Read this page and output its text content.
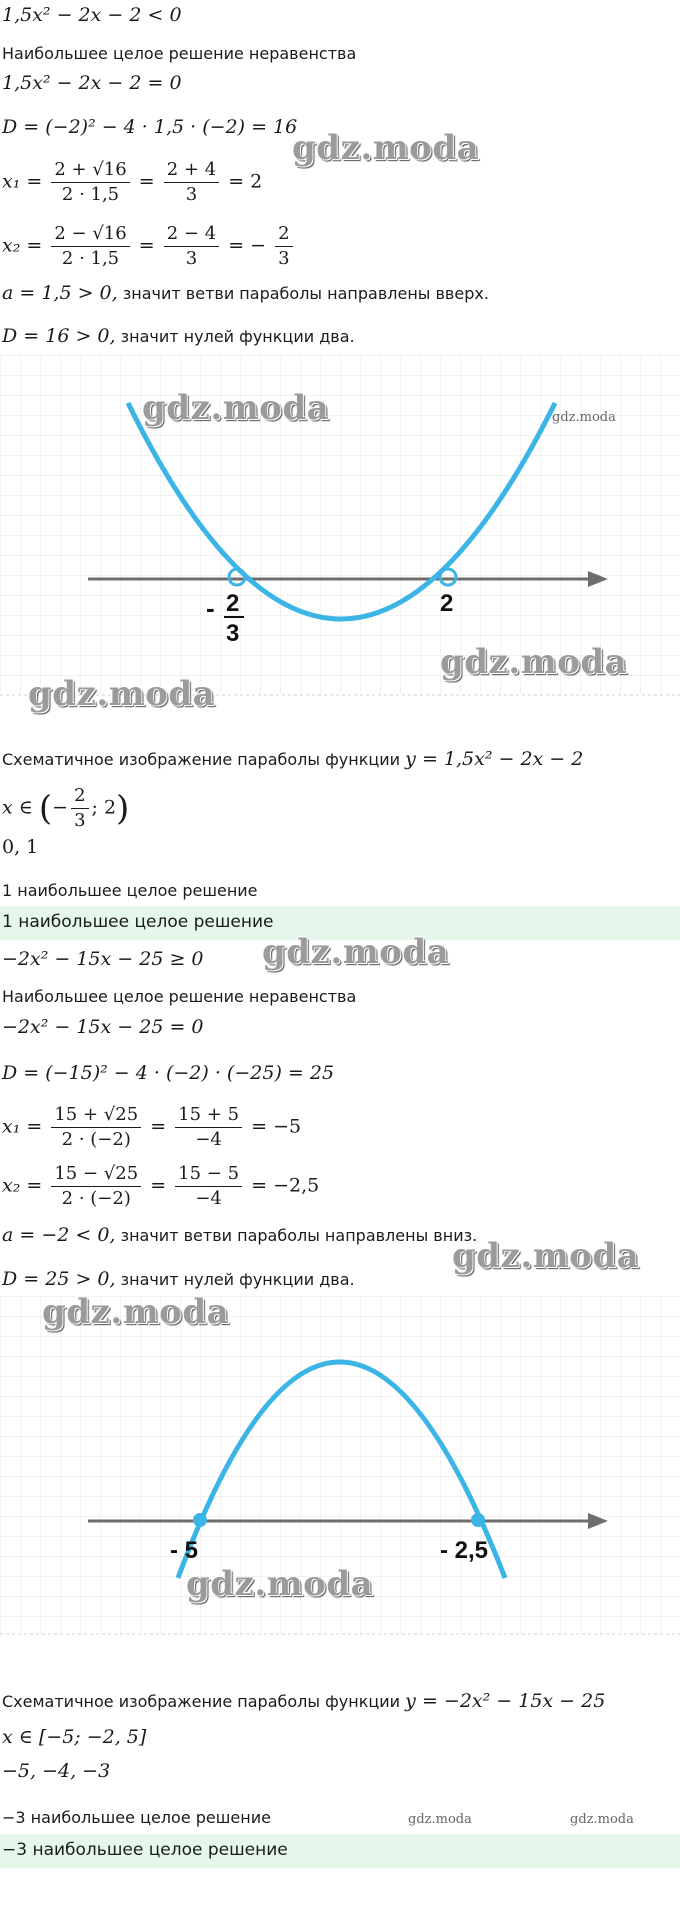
1,5x² − 2x − 2 < 0
Наибольшее целое решение неравенства
1,5x² − 2x − 2 = 0
D = (−2)² − 4 · 1,5 · (−2) = 16
$x_1 = \frac{2 + √16}{2 \cdot 1,5} = \frac{2 + 4}{3} = 2$
$x_2 = \frac{2 - √16}{2 \cdot 1,5} = \frac{2 - 4}{3}$ = − $\frac{2}{3}$
a = 1,5 > 0, значит ветви параболы направлены вверх.
D = 16 > 0, значит нулей функции два.
- 2
3
2
Схематичное изображение параболы функции y = 1,5x² − 2x − 2
x ∈ (− $\frac{2}{3}$ ; 2)
0, 1
1 наибольшее целое решение
1 наибольшее целое решение
−2x² − 15x − 25 ≥ 0
Наибольшее целое решение неравенства
−2x² − 15x − 25 = 0
D = (−15)² − 4 · (−2) · (−25) = 25
$x_1 = \frac{15 + √25}{2 \cdot (-2)} = \frac{15 + 5}{-4} = -5$
$x_2 = \frac{15 - √25}{2 \cdot (-2)} = \frac{15 - 5}{-4} = -2,5$
a = −2 < 0, значит ветви параболы направлены вниз.
D = 25 > 0, значит нулей функции два.
- 5	- 2,5
Схематичное изображение параболы функции y = −2x² − 15x − 25
x ∈ [−5; −2, 5]
−5, −4, −3
−3 наибольшее целое решение
−3 наибольшее целое решение
gdz.moda
gdz.moda	gdz.moda
gdz.moda
gdz.moda
gdz.moda
gdz.moda
gdz.moda
gdz.moda
gdz.moda	gdz.moda
